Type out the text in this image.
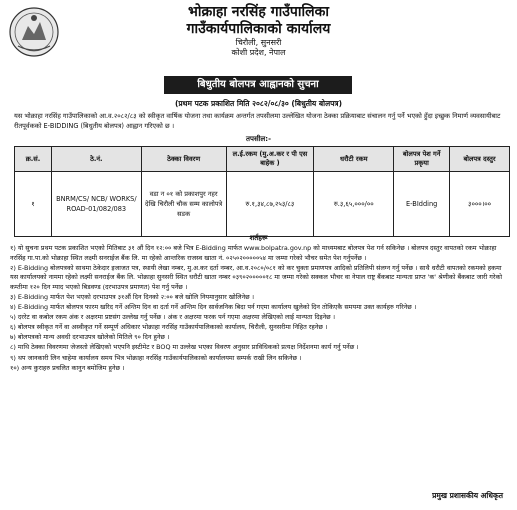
भोक्राहा नरसिंह गाउँपालिका
गाउँकार्यपालिकाको कार्यालय
चिरौली, सुनसरी
कोशी प्रदेश, नेपाल
बिधुतीय बोलपत्र आह्वानको सुचना
(प्रथम पटक प्रकाशित मिति २०८२/०८/३० (बिधुतीय बोलपत्र)
यस भोक्राहा नरसिंह गाउँपालिकाको आ.व.२०८२/८३ को स्वीकृत वार्षिक योजना तथा कार्यक्रम अन्तर्गत तपसीलमा उल्लेखित योजना ठेक्का प्रक्रियाबाट संचालन गर्नु पर्ने भएको हुँदा इच्छुक निमार्ण व्यवसायीबाट रीतपूर्वकको E-BIDDING (बिधुतीय बोलपत्र) आह्वान गरिएको छ ।
तपसील:-
क्र.सं.	ठे.नं.	ठेक्का विवरण	ल.ई.रकम (मु.अ.कर र पी एस बाहेक )	धरौटी रकम	बोलपत्र पेश गर्ने प्रकृया	बोलपत्र दस्तुर
१	BNRM/CS/ NCB/ WORKS/ ROAD-01/082/083	वडा न ०१ को प्रकाशपुर नहर देखि चिरौली चौक सम्म कालोपत्रे सडक	रु.१,३४,८७,२५३/८३	रु.३,६५,०००/००	E-BIdding	३०००।००
शर्तहरू
१) यो सुचना प्रथम पटक प्रकाशित भएको मितिबाट ३१ औं दिन १२:०० बजे भित्र E-Bidding मार्फत www.bolpatra.gov.np को माध्यमबाट बोलपत्र पेश गर्न सकिनेछ । बोलपत्र दस्तुर वापतको रकम भोक्राहा नरसिंह गा.पा.को भोक्राहा स्थित लक्ष्मी सनराईज बैंक लि. मा रहेको आन्तरिक राजस्व खाता नं. ०२५०२०००००५४ मा जम्मा गरेको भौचर समेत पेश गर्नुपर्नेछ ।
२) E-Bidding बोलपत्रको साथमा ठेकेदार इजाजत पत्र, स्थायी लेखा नम्बर, मु.अ.कर दर्ता नम्बर, आ.व.२०८०/०८१ को कर चुक्ता प्रमाणपत्र आदिको प्रतिलिपी संलग्न गर्नु पर्नेछ । साथै धरौटी वापतको रकमको हकमा यस कार्यालयको नाममा रहेको लक्ष्मी सनराईज बैंक लि. भोक्राहा सुनसरी स्थित धरौटी खाता नम्बर ०३९०२०००००१८ मा जम्मा गरेको सक्कल भौचर वा नेपाल राष्ट्र बैंकबाट मान्यता प्राप्त 'क' श्रेणीको बैंकबाट जारी गरेको कम्तीमा १२० दिन म्याद भएको बिडवण्ड (दरभाउपत्र प्रमाणत) पेश गर्नु पर्नेछ ।
३) E-Bidding मार्फत पेश भएको दरभाउपत्र ३१औं दिन दिनको २:०० बजे खोलि नियमानुसार खोलिनेछ ।
४) E-Bidding मार्फत बोलपत्र फारम खरिद गर्ने अन्तिम दिन वा दर्ता गर्ने अन्तिम दिन सार्वजनिक बिदा पर्न गएमा कार्यालय खुलेको दिन तोकिएकै समयमा उक्त कार्यहरु गरिनेछ ।
५) दररेट वा कबोल रकम अंक र अक्षरमा प्रष्टसंग उल्लेख गर्नु पर्नेछ । अंक र अक्षरमा फरक पर्न गएमा अक्षरमा लेखिएको लाई मान्यता दिइनेछ ।
६) बोलपत्र स्वीकृत गर्ने वा अस्वीकृत गर्ने सम्पूर्ण अधिकार भोक्राहा नरसिंह गाउँकार्यपालिकाको कार्यालय, चिरौली, सुनसरीमा निहित रहनेछ ।
७) बोलपत्रको मान्य अवधी दरभाउपत्र खोलेको मितिले ९० दिन हुनेछ ।
८) माथि ठेक्का विवरणमा जेजस्तो लेखिएको भएपनि इस्टीमेट र BOQ मा उल्लेख भएका विवरण अनुसार प्राविधिकको प्रत्यक्ष निर्देशनमा कार्य गर्नु पर्नेछ ।
९) थप जानकारी लिन चाहेमा कार्यालय समय भित्र भोक्राहा नरसिंह गाउँकार्यपालिकाको कार्यालयमा सम्पर्क राखी लिन सकिनेछ ।
१०) अन्य कुराहरु प्रचलित कानुन बमोजिम हुनेछ ।
प्रमुख प्रशासकीय अधिकृत
